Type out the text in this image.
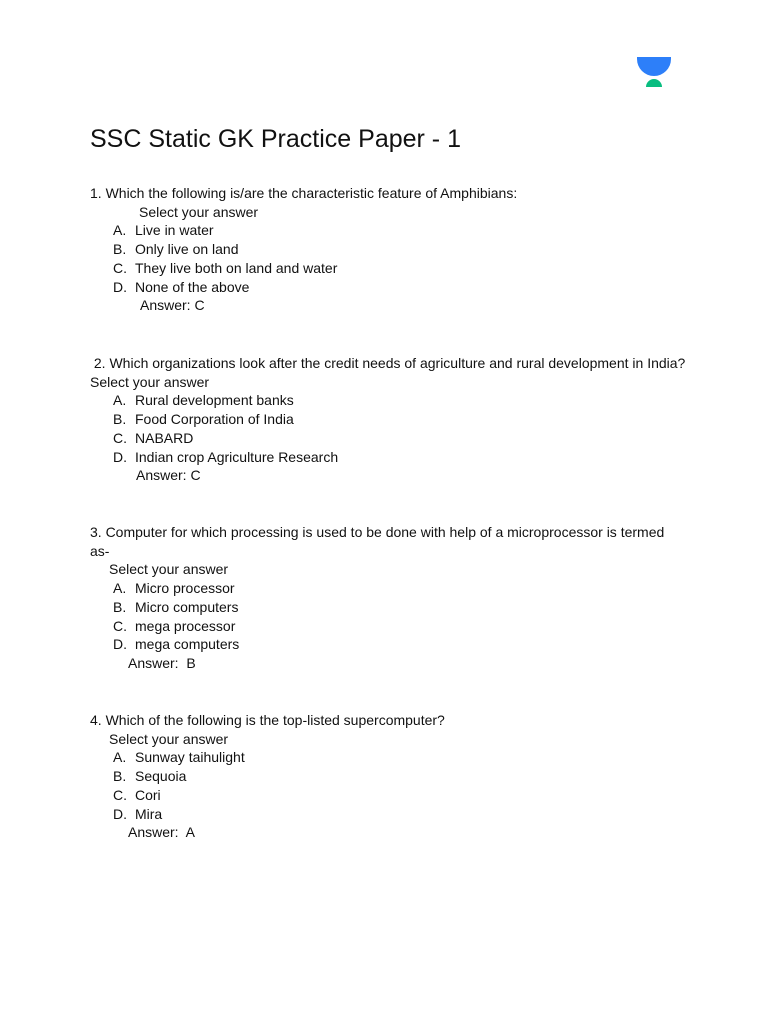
SSC Static GK Practice Paper - 1

1. Which the following is/are the characteristic feature of Amphibians:

Select your answer

A. Live in water
B. Only live on land
C. They live both on land and water
D. None of the above

Answer: C

2. Which organizations look after the credit needs of agriculture and rural development in India?

Select your answer

A. Rural development banks
B. Food Corporation of India
C. NABARD
D. Indian crop Agriculture Research

Answer: C

3. Computer for which processing is used to be done with help of a microprocessor is termed as-

Select your answer

A. Micro processor
B. Micro computers
C. mega processor
D. mega computers

Answer:  B

4. Which of the following is the top-listed supercomputer?

Select your answer

A. Sunway taihulight
B. Sequoia
C. Cori
D. Mira

Answer:  A
